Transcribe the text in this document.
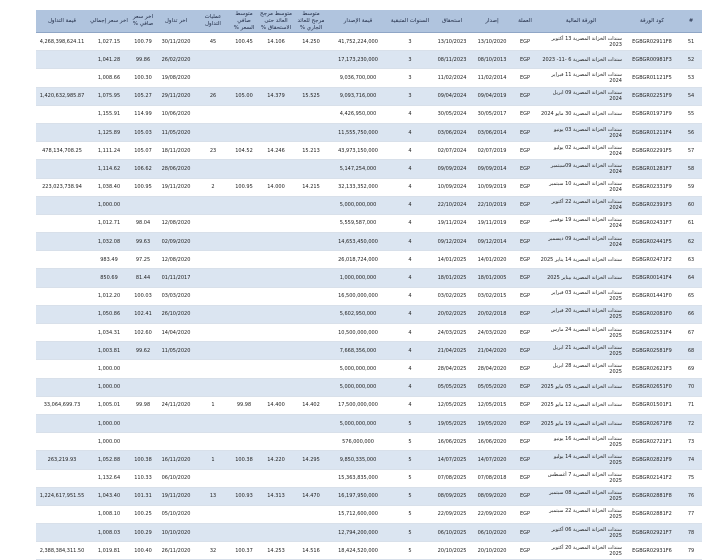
#	كود الورقة	الورقة المالية	العملة	إصدار	استحقاق	السنوات المتبقية	قيمة الإصدار	متوسط مرجح للعائد الجاري %	متوسط مرجح العائد حتى الاستحقاق %	متوسط صافي السعر %	عمليات التداول	اخر تداول	اخر سعر صافي %	اخر سعر إجمالي	قيمة التداول
51	EGBGR02911F8	سندات الخزانة المصرية 13 أكتوبر 2023	EGP	13/10/2020	13/10/2023	3	41,752,224,000	14.250	14.106	100.45	45	30/11/2020	100.79	1,027.15	4,268,398,624.11
52	EGBGR00981F3	سندات الخزانة المصرية 6 -11- 2023	EGP	08/10/2013	08/11/2023	3	17,173,230,000					26/02/2020	99.86	1,041.28	
53	EGBGR01121F5	سندات الخزانة المصرية 11 فبراير 2024	EGP	11/02/2014	11/02/2024	3	9,036,700,000					19/08/2020	100.30	1,008.66	
54	EGBGR02251F9	سندات الخزانة المصرية 09 ابريل 2024	EGP	09/04/2019	09/04/2024	3	9,093,716,000	15.525	14.379	105.00	26	29/11/2020	105.27	1,075.95	1,420,632,985.87
55	EGBGR01971F9	سندات الخزانة المصرية 30 مايو 2024	EGP	30/05/2017	30/05/2024	4	4,426,950,000					10/06/2020	114.99	1,155.91	
56	EGBGR01211F4	سندات الخزانة المصرية 03 يونيو 2024	EGP	03/06/2014	03/06/2024	4	11,555,750,000					11/05/2020	105.03	1,125.89	
57	EGBGR02291F5	سندات الخزانة المصرية 02 يوليو 2024	EGP	02/07/2019	02/07/2024	4	43,973,150,000	15.213	14.246	104.52	23	18/11/2020	105.07	1,111.24	478,134,708.25
58	EGBGR01281F7	سندات الخزانة المصرية 09سبتمبر 2024	EGP	09/09/2014	09/09/2024	4	5,147,254,000					28/06/2020	106.62	1,114.62	
59	EGBGR02331F9	سندات الخزانة المصرية 10 سبتمبر 2024	EGP	10/09/2019	10/09/2024	4	32,133,352,000	14.215	14.000	100.95	2	19/11/2020	100.95	1,038.40	223,023,738.94
60	EGBGR02391F3	سندات الخزانة المصرية 22 أكتوبر 2024	EGP	22/10/2019	22/10/2024	4	5,000,000,000							1,000.00	
61	EGBGR02431F7	سندات الخزانة المصرية 19 نوفمبر 2024	EGP	19/11/2019	19/11/2024	4	5,559,587,000					12/08/2020	98.04	1,012.71	
62	EGBGR02441F5	سندات الخزانة المصرية 09 ديسمبر 2024	EGP	09/12/2014	09/12/2024	4	14,653,450,000					02/09/2020	99.63	1,032.08	
63	EGBGR02471F2	سندات الخزانة المصرية 14 يناير 2025	EGP	14/01/2020	14/01/2025	4	26,018,724,000					12/08/2020	97.25	983.49	
64	EGBGR00141F4	سندات الخزانة المصرية بيناير 2025	EGP	18/01/2005	18/01/2025	4	1,000,000,000					01/11/2017	81.44	850.69	
65	EGBGR01441F0	سندات الخزانة المصرية 03 فبراير 2025	EGP	03/02/2015	03/02/2025	4	16,500,000,000					03/03/2020	100.03	1,012.20	
66	EGBGR02081F0	سندات الخزانة المصرية 20 فبراير 2025	EGP	20/02/2018	20/02/2025	4	5,602,950,000					26/10/2020	102.41	1,050.86	
67	EGBGR02531F4	سندات الخزانة المصرية 24 مارس 2025	EGP	24/03/2020	24/03/2025	4	10,500,000,000					14/04/2020	102.60	1,034.31	
68	EGBGR02581F9	سندات الخزانة المصرية 21 ابريل 2025	EGP	21/04/2020	21/04/2025	4	7,668,356,000					11/05/2020	99.62	1,003.81	
69	EGBGR02621F3	سندات الخزانة المصرية 28 ابريل 2025	EGP	28/04/2020	28/04/2025	4	5,000,000,000							1,000.00	
70	EGBGR02651F0	سندات الخزانة المصرية 05 مايو 2025	EGP	05/05/2020	05/05/2025	4	5,000,000,000							1,000.00	
71	EGBGR01501F1	سندات الخزانة المصرية 12 مايو 2025	EGP	12/05/2015	12/05/2025	4	17,500,000,000	14.402	14.400	99.98	1	24/11/2020	99.98	1,005.01	33,064,699.73
72	EGBGR02671F8	سندات الخزانة المصرية 19 مايو 2025	EGP	19/05/2020	19/05/2025	5	5,000,000,000							1,000.00	
73	EGBGR02721F1	سندات الخزانة المصرية 16 يونيو 2025	EGP	16/06/2020	16/06/2025	5	576,000,000							1,000.00	
74	EGBGR02821F9	سندات الخزانة المصرية 14 يوليو 2025	EGP	14/07/2020	14/07/2025	5	9,850,335,000	14.295	14.220	100.38	1	16/11/2020	100.38	1,052.88	263,219.93
75	EGBGR02141F2	سندات الخزانة المصرية 7 أغسطس 2025	EGP	07/08/2018	07/08/2025	5	15,363,835,000					06/10/2020	110.33	1,132.64	
76	EGBGR02881F8	سندات الخزانة المصرية 08 سبتمبر 2025	EGP	08/09/2020	08/09/2025	5	16,197,950,000	14.470	14.313	100.93	13	19/11/2020	101.31	1,043.40	1,224,617,951.55
77	EGBGR02881F2	سندات الخزانة المصرية 22 سبتمبر 2025	EGP	22/09/2020	22/09/2025	5	15,712,600,000					05/10/2020	100.25	1,008.10	
78	EGBGR02921F7	سندات الخزانة المصرية 06 أكتوبر 2025	EGP	06/10/2020	06/10/2025	5	12,794,200,000					10/10/2020	100.29	1,008.03	
79	EGBGR02931F6	سندات الخزانة المصرية 20 أكتوبر 2025	EGP	20/10/2020	20/10/2025	5	18,424,520,000	14.516	14.253	100.37	32	26/11/2020	100.40	1,019.81	2,388,384,311.50
